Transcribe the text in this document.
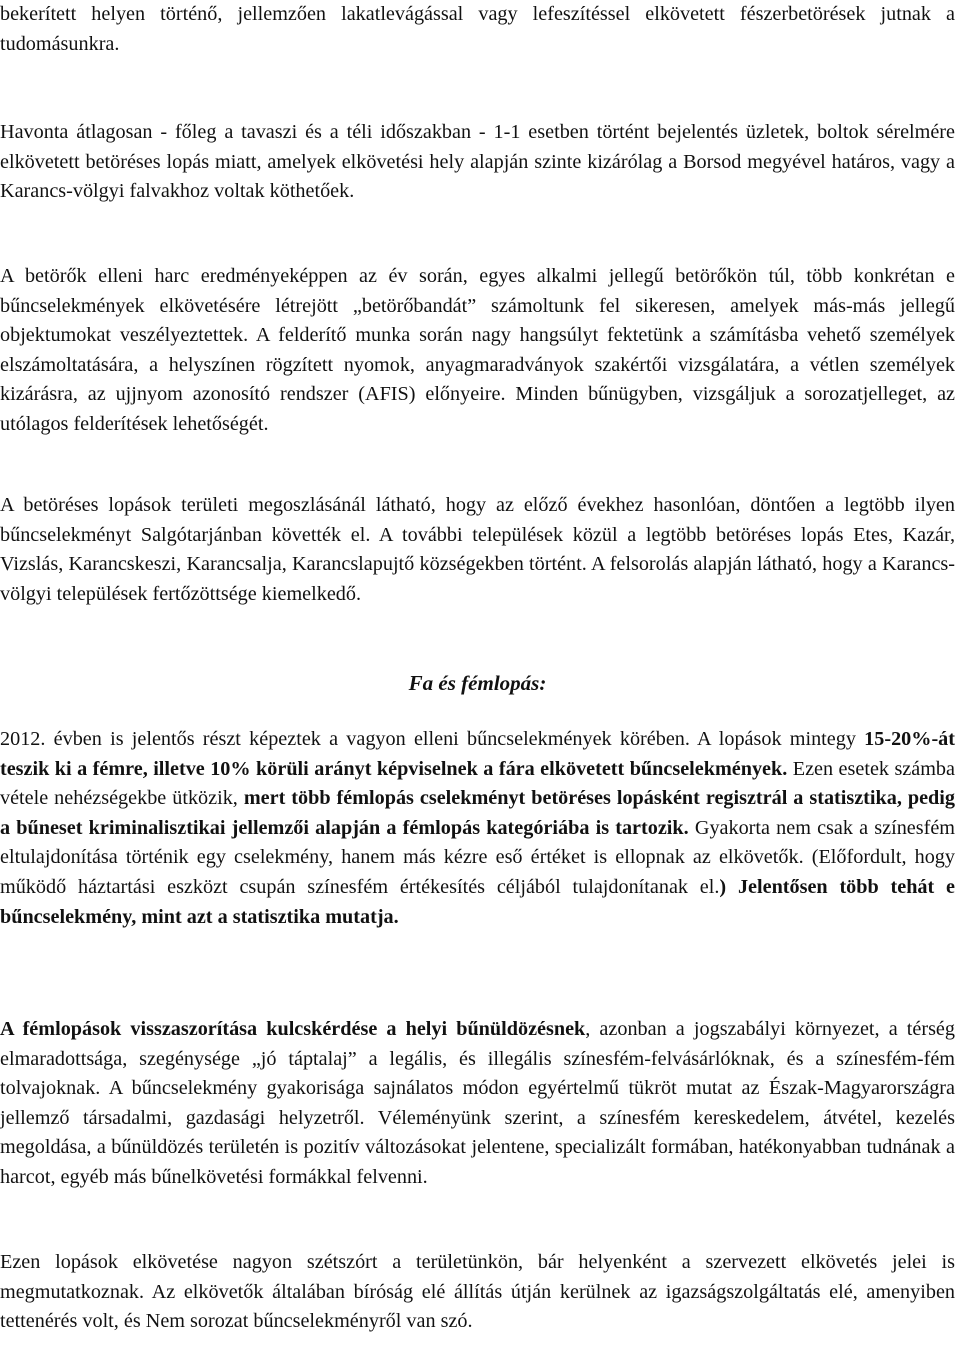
bekerített helyen történő, jellemzően lakatlevágással vagy lefeszítéssel elkövetett fészerbetörések jutnak a tudomásunkra.

Havonta átlagosan - főleg a tavaszi és a téli időszakban - 1-1 esetben történt bejelentés üzletek, boltok sérelmére elkövetett betöréses lopás miatt, amelyek elkövetési hely alapján szinte kizárólag a Borsod megyével határos, vagy a Karancs-völgyi falvakhoz voltak köthetőek.

A betörők elleni harc eredményeképpen az év során, egyes alkalmi jellegű betörőkön túl, több konkrétan e bűncselekmények elkövetésére létrejött „betörőbandát” számoltunk fel sikeresen, amelyek más-más jellegű objektumokat veszélyeztettek. A felderítő munka során nagy hangsúlyt fektetünk a számításba vehető személyek elszámoltatására, a helyszínen rögzített nyomok, anyagmaradványok szakértői vizsgálatára, a vétlen személyek kizárásra, az ujjnyom azonosító rendszer (AFIS) előnyeire. Minden bűnügyben, vizsgáljuk a sorozatjelleget, az utólagos felderítések lehetőségét.

A betöréses lopások területi megoszlásánál látható, hogy az előző évekhez hasonlóan, döntően a legtöbb ilyen bűncselekményt Salgótarjánban követték el. A további települések közül a legtöbb betöréses lopás Etes, Kazár, Vizslás, Karancskeszi, Karancsalja, Karancslapujtő községekben történt. A felsorolás alapján látható, hogy a Karancs-völgyi települések fertőzöttsége kiemelkedő.

Fa és fémlopás:

2012. évben is jelentős részt képeztek a vagyon elleni bűncselekmények körében. A lopások mintegy 15-20%-át teszik ki a fémre, illetve 10% körüli arányt képviselnek a fára elkövetett bűncselekmények. Ezen esetek számba vétele nehézségekbe ütközik, mert több fémlopás cselekményt betöréses lopásként regisztrál a statisztika, pedig a bűneset kriminalisztikai jellemzői alapján a fémlopás kategóriába is tartozik. Gyakorta nem csak a színesfém eltulajdonítása történik egy cselekmény, hanem más kézre eső értéket is ellopnak az elkövetők. (Előfordult, hogy működő háztartási eszközt csupán színesfém értékesítés céljából tulajdonítanak el.) Jelentősen több tehát e bűncselekmény, mint azt a statisztika mutatja.

A fémlopások visszaszorítása kulcskérdése a helyi bűnüldözésnek, azonban a jogszabályi környezet, a térség elmaradottsága, szegénysége „jó táptalaj” a legális, és illegális színesfém-felvásárlóknak, és a színesfém-fém tolvajoknak. A bűncselekmény gyakorisága sajnálatos módon egyértelmű tükröt mutat az Észak-Magyarországra jellemző társadalmi, gazdasági helyzetről. Véleményünk szerint, a színesfém kereskedelem, átvétel, kezelés megoldása, a bűnüldözés területén is pozitív változásokat jelentene, specializált formában, hatékonyabban tudnának a harcot, egyéb más bűnelkövetési formákkal felvenni.

Ezen lopások elkövetése nagyon szétszórt a területünkön, bár helyenként a szervezett elkövetés jelei is megmutatkoznak. Az elkövetők általában bíróság elé állítás útján kerülnek az igazságszolgáltatás elé, amenyiben tettenérés volt, és Nem sorozat bűncselekményről van szó.
